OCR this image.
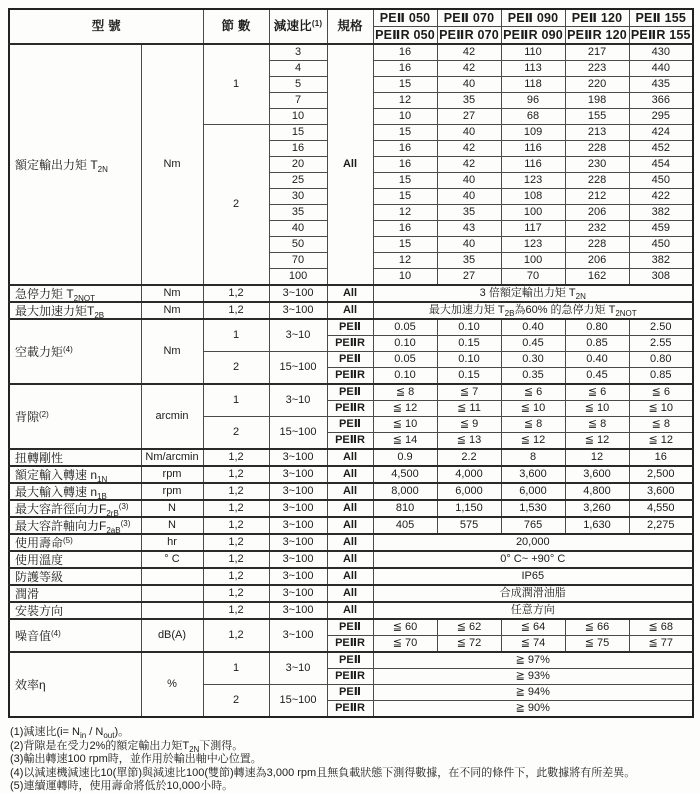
型 號		節 數	減速比$^{(1)}$	規格	PEⅡ 050	PEⅡ 070	PEⅡ 090	PEⅡ 120	PEⅡ 155
					PEⅡR 050	PEⅡR 070	PEⅡR 090	PEⅡR 120	PEⅡR 155
額定輸出力矩 $T_{2N}$	Nm	1	3	All	16	42	110	217	430
			4		16	42	113	223	440
			5		15	40	118	220	435
			7		12	35	96	198	366
			10		10	27	68	155	295
		2	15		15	40	109	213	424
			16		16	42	116	228	452
			20		16	42	116	230	454
			25		15	40	123	228	450
			30		15	40	108	212	422
			35		12	35	100	206	382
			40		16	43	117	232	459
			50		15	40	123	228	450
			70		12	35	100	206	382
			100		10	27	70	162	308
急停力矩 $T_{2NOT}$	Nm	1,2	3~100	All	3 倍額定輸出力矩 $T_{2N}$
最大加速力矩$T_{2B}$	Nm	1,2	3~100	All	最大加速力矩 $T_{2B}$為60% 的急停力矩 $T_{2NOT}$
空載力矩$^{(4)}$	Nm	1	3~10	PEⅡ	0.05	0.10	0.40	0.80	2.50
				PEⅡR	0.10	0.15	0.45	0.85	2.55
		2	15~100	PEⅡ	0.05	0.10	0.30	0.40	0.80
				PEⅡR	0.10	0.15	0.35	0.45	0.85
背隙$^{(2)}$	arcmin	1	3~10	PEⅡ	≦ 8	≦ 7	≦ 6	≦ 6	≦ 6
				PEⅡR	≦ 12	≦ 11	≦ 10	≦ 10	≦ 10
		2	15~100	PEⅡ	≦ 10	≦ 9	≦ 8	≦ 8	≦ 8
				PEⅡR	≦ 14	≦ 13	≦ 12	≦ 12	≦ 12
扭轉剛性	Nm/arcmin	1,2	3~100	All	0.9	2.2	8	12	16
額定輸入轉速 $n_{1N}$	rpm	1,2	3~100	All	4,500	4,000	3,600	3,600	2,500
最大輸入轉速 $n_{1B}$	rpm	1,2	3~100	All	8,000	6,000	6,000	4,800	3,600
最大容許徑向力$F_{2rB}^{(3)}$	N	1,2	3~100	All	810	1,150	1,530	3,260	4,550
最大容許軸向力$F_{2aB}^{(3)}$	N	1,2	3~100	All	405	575	765	1,630	2,275
使用壽命$^{(5)}$	hr	1,2	3~100	All	20,000				
使用溫度	° C	1,2	3~100	All	0° C~ +90° C				
防護等級		1,2	3~100	All	IP65				
潤滑		1,2	3~100	All	合成潤滑油脂				
安裝方向		1,2	3~100	All	任意方向				
噪音值$^{(4)}$	dB(A)	1,2	3~100	PEⅡ	≦ 60	≦ 62	≦ 64	≦ 66	≦ 68
				PEⅡR	≦ 70	≦ 72	≦ 74	≦ 75	≦ 77
效率η	%	1	3~10	PEⅡ	≧ 97%				
				PEⅡR	≧ 93%				
		2	15~100	PEⅡ	≧ 94%				
				PEⅡR	≧ 90%				
(1)減速比$(i= N_{in} / N_{out})$。
(2)背隙是在受力2%的額定輸出力矩$T_{2N}$下測得。
(3)輸出轉速100 rpm時，並作用於輸出軸中心位置。
(4)以減速機減速比10(單節)與減速比100(雙節)轉速為3,000 rpm且無負載狀態下測得數據，在不同的條件下，此數據將有所差異。
(5)連續運轉時，使用壽命將低於10,000小時。
